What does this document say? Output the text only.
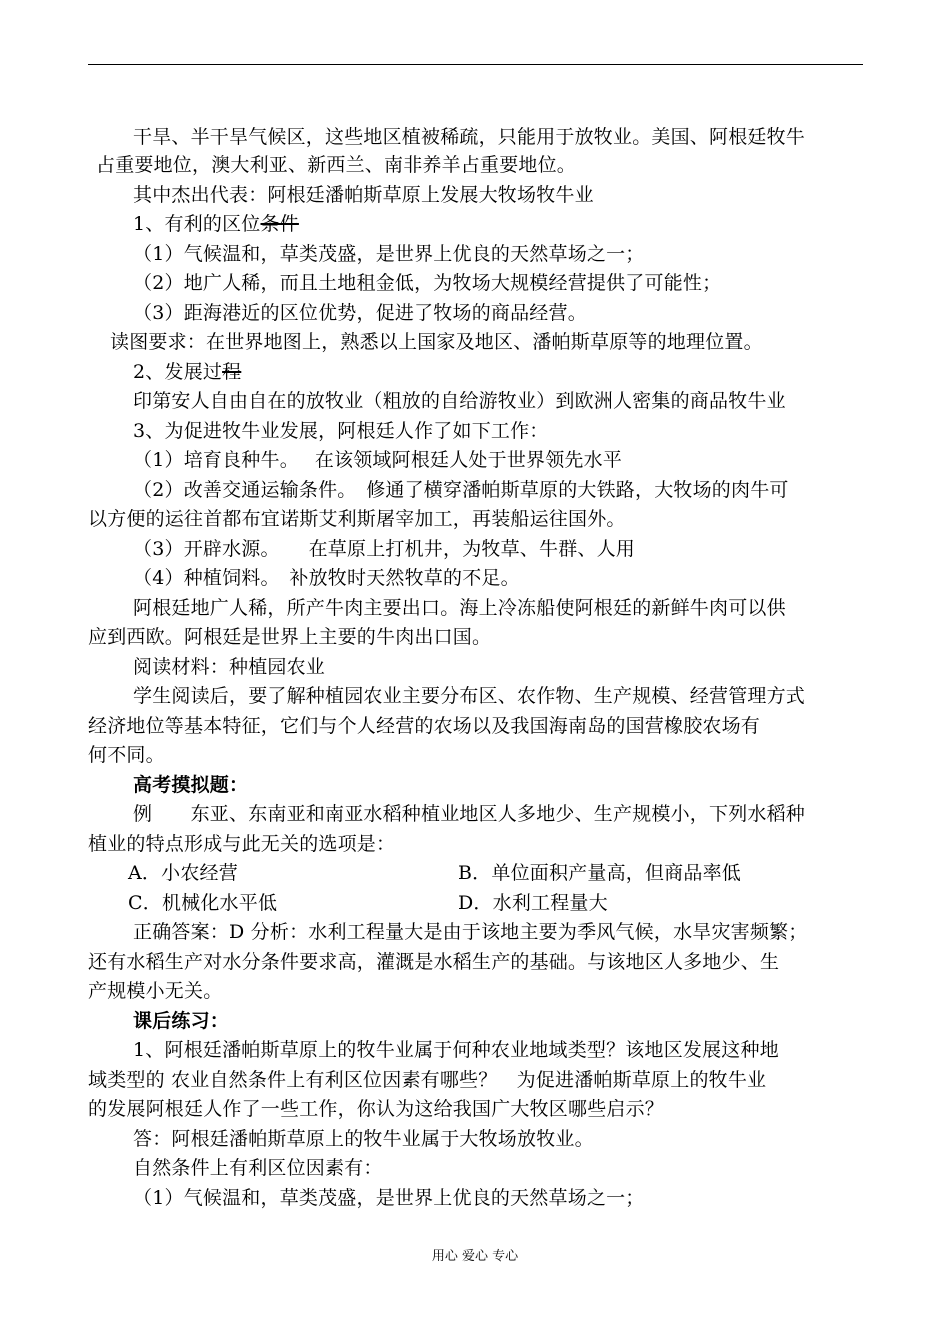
干旱、半干旱气候区，这些地区植被稀疏，只能用于放牧业。美国、阿根廷牧牛
占重要地位，澳大利亚、新西兰、南非养羊占重要地位。
其中杰出代表：阿根廷潘帕斯草原上发展大牧场牧牛业
1、有利的区位条件
（1）气候温和，草类茂盛，是世界上优良的天然草场之一；
（2）地广人稀，而且土地租金低，为牧场大规模经营提供了可能性；
（3）距海港近的区位优势，促进了牧场的商品经营。
读图要求：在世界地图上，熟悉以上国家及地区、潘帕斯草原等的地理位置。
2、发展过程
印第安人自由自在的放牧业（粗放的自给游牧业）到欧洲人密集的商品牧牛业
3、为促进牧牛业发展，阿根廷人作了如下工作：
（1）培育良种牛。　 在该领域阿根廷人处于世界领先水平
（2）改善交通运输条件。　修通了横穿潘帕斯草原的大铁路，大牧场的肉牛可
以方便的运往首都布宜诺斯艾利斯屠宰加工，再装船运往国外。
（3）开辟水源。　　在草原上打机井，为牧草、牛群、人用
（4）种植饲料。　补放牧时天然牧草的不足。
阿根廷地广人稀，所产牛肉主要出口。海上冷冻船使阿根廷的新鲜牛肉可以供
应到西欧。阿根廷是世界上主要的牛肉出口国。
阅读材料：种植园农业
学生阅读后，要了解种植园农业主要分布区、农作物、生产规模、经营管理方式
经济地位等基本特征，它们与个人经营的农场以及我国海南岛的国营橡胶农场有
何不同。
高考摸拟题：
例　　东亚、东南亚和南亚水稻种植业地区人多地少、生产规模小，下列水稻种
植业的特点形成与此无关的选项是：
A．小农经营	B．单位面积产量高，但商品率低
C．机械化水平低	D．水利工程量大
正确答案：D 分析：水利工程量大是由于该地主要为季风气候，水旱灾害频繁；
还有水稻生产对水分条件要求高，灌溉是水稻生产的基础。与该地区人多地少、生
产规模小无关。
课后练习：
1、阿根廷潘帕斯草原上的牧牛业属于何种农业地域类型？该地区发展这种地
域类型的 农业自然条件上有利区位因素有哪些？　为促进潘帕斯草原上的牧牛业
的发展阿根廷人作了一些工作，你认为这给我国广大牧区哪些启示？
答：阿根廷潘帕斯草原上的牧牛业属于大牧场放牧业。
自然条件上有利区位因素有：
（1）气候温和，草类茂盛，是世界上优良的天然草场之一；
用心 爱心 专心
